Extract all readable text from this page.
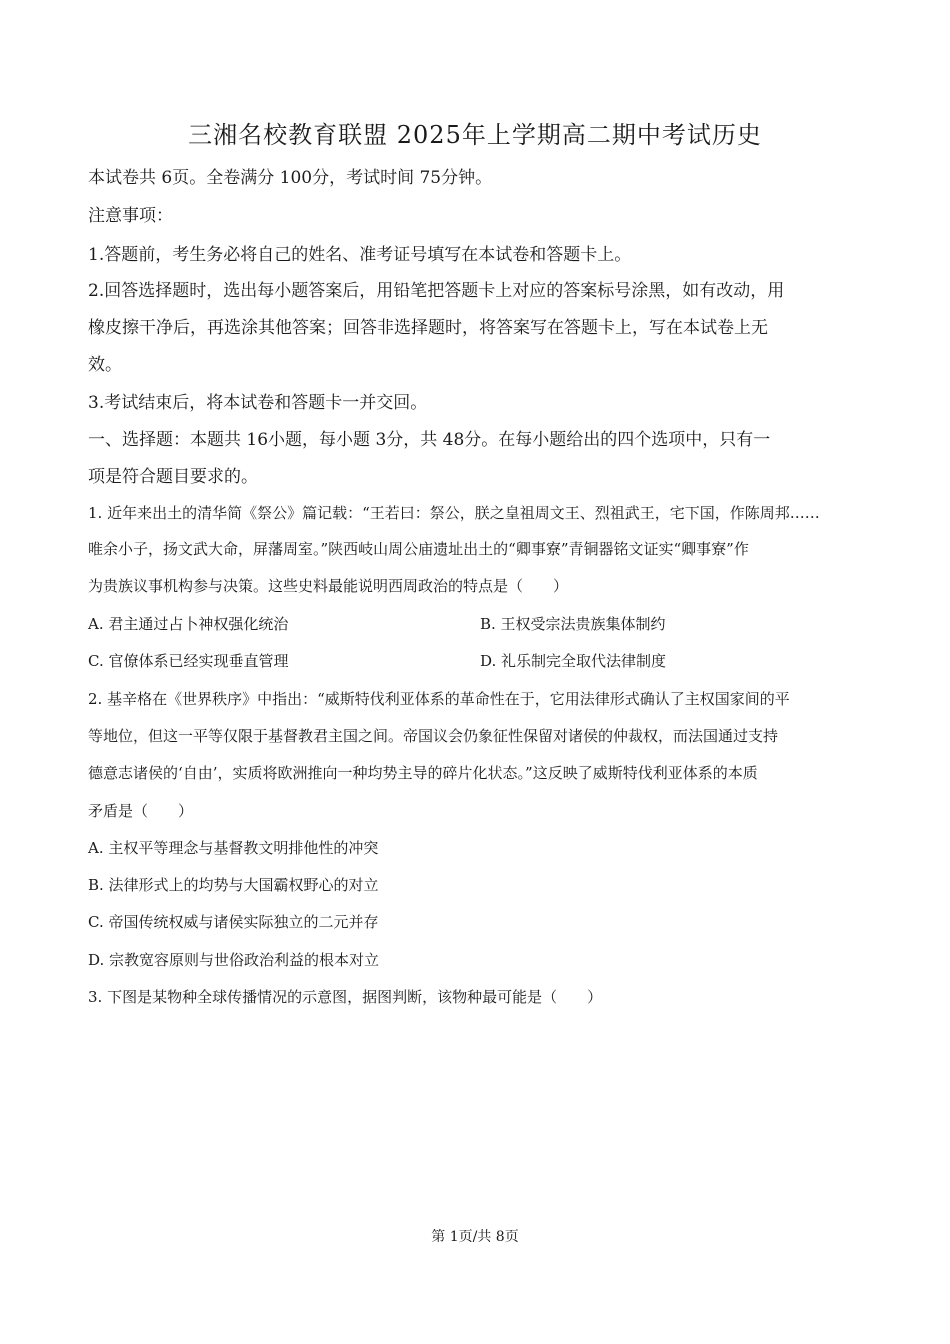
三湘名校教育联盟 2025年上学期高二期中考试历史
本试卷共 6页。全卷满分 100分，考试时间 75分钟。
注意事项：
1.答题前，考生务必将自己的姓名、准考证号填写在本试卷和答题卡上。
2.回答选择题时，选出每小题答案后，用铅笔把答题卡上对应的答案标号涂黑，如有改动，用
橡皮擦干净后，再选涂其他答案；回答非选择题时，将答案写在答题卡上，写在本试卷上无
效。
3.考试结束后，将本试卷和答题卡一并交回。
一、选择题：本题共 16小题，每小题 3分，共 48分。在每小题给出的四个选项中，只有一
项是符合题目要求的。
1. 近年来出土的清华简《祭公》篇记载：“王若曰：祭公，朕之皇祖周文王、烈祖武王，宅下国，作陈周邦……
唯余小子，扬文武大命，屏藩周室。”陕西岐山周公庙遗址出土的“卿事寮”青铜器铭文证实“卿事寮”作
为贵族议事机构参与决策。这些史料最能说明西周政治的特点是（　　）
A. 君主通过占卜神权强化统治	B. 王权受宗法贵族集体制约
C. 官僚体系已经实现垂直管理	D. 礼乐制完全取代法律制度
2. 基辛格在《世界秩序》中指出：“威斯特伐利亚体系的革命性在于，它用法律形式确认了主权国家间的平
等地位，但这一平等仅限于基督教君主国之间。帝国议会仍象征性保留对诸侯的仲裁权，而法国通过支持
德意志诸侯的‘自由’，实质将欧洲推向一种均势主导的碎片化状态。”这反映了威斯特伐利亚体系的本质
矛盾是（　　）
A. 主权平等理念与基督教文明排他性的冲突
B. 法律形式上的均势与大国霸权野心的对立
C. 帝国传统权威与诸侯实际独立的二元并存
D. 宗教宽容原则与世俗政治利益的根本对立
3. 下图是某物种全球传播情况的示意图，据图判断，该物种最可能是（　　）
第 1页/共 8页
